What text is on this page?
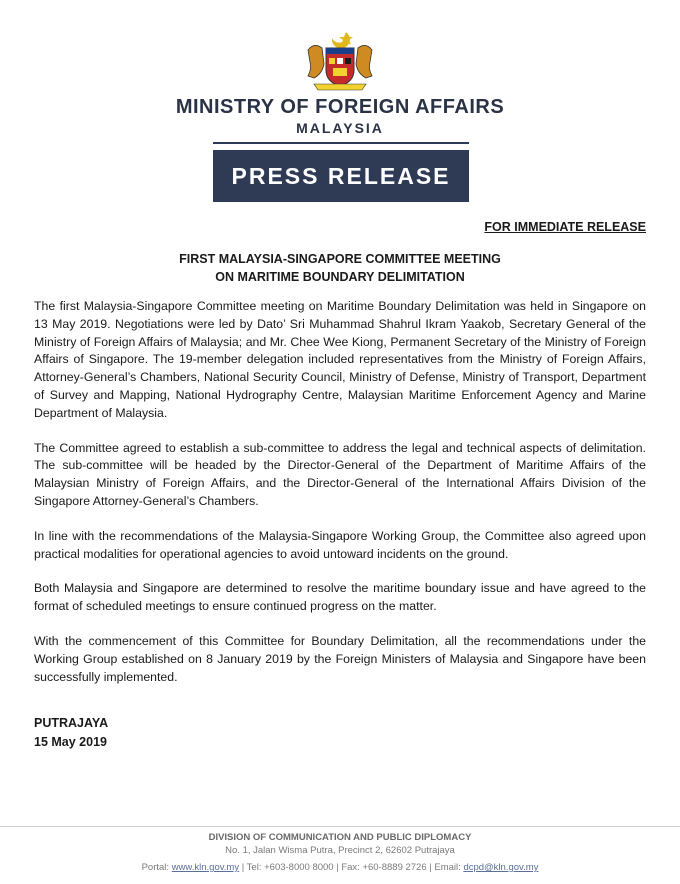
MINISTRY OF FOREIGN AFFAIRS
MALAYSIA
PRESS RELEASE
FOR IMMEDIATE RELEASE
FIRST MALAYSIA-SINGAPORE COMMITTEE MEETING
ON MARITIME BOUNDARY DELIMITATION

The first Malaysia-Singapore Committee meeting on Maritime Boundary Delimitation was held in Singapore on 13 May 2019. Negotiations were led by Dato’ Sri Muhammad Shahrul Ikram Yaakob, Secretary General of the Ministry of Foreign Affairs of Malaysia; and Mr. Chee Wee Kiong, Permanent Secretary of the Ministry of Foreign Affairs of Singapore. The 19-member delegation included representatives from the Ministry of Foreign Affairs, Attorney-General’s Chambers, National Security Council, Ministry of Defense, Ministry of Transport, Department of Survey and Mapping, National Hydrography Centre, Malaysian Maritime Enforcement Agency and Marine Department of Malaysia.

The Committee agreed to establish a sub-committee to address the legal and technical aspects of delimitation. The sub-committee will be headed by the Director-General of the Department of Maritime Affairs of the Malaysian Ministry of Foreign Affairs, and the Director-General of the International Affairs Division of the Singapore Attorney-General’s Chambers.

In line with the recommendations of the Malaysia-Singapore Working Group, the Committee also agreed upon practical modalities for operational agencies to avoid untoward incidents on the ground.

Both Malaysia and Singapore are determined to resolve the maritime boundary issue and have agreed to the format of scheduled meetings to ensure continued progress on the matter.

With the commencement of this Committee for Boundary Delimitation, all the recommendations under the Working Group established on 8 January 2019 by the Foreign Ministers of Malaysia and Singapore have been successfully implemented.

PUTRAJAYA
15 May 2019
DIVISION OF COMMUNICATION AND PUBLIC DIPLOMACY
No. 1, Jalan Wisma Putra, Precinct 2, 62602 Putrajaya
Portal: www.kln.gov.my | Tel: +603-8000 8000 | Fax: +60-8889 2726 | Email: dcpd@kln.gov.my
